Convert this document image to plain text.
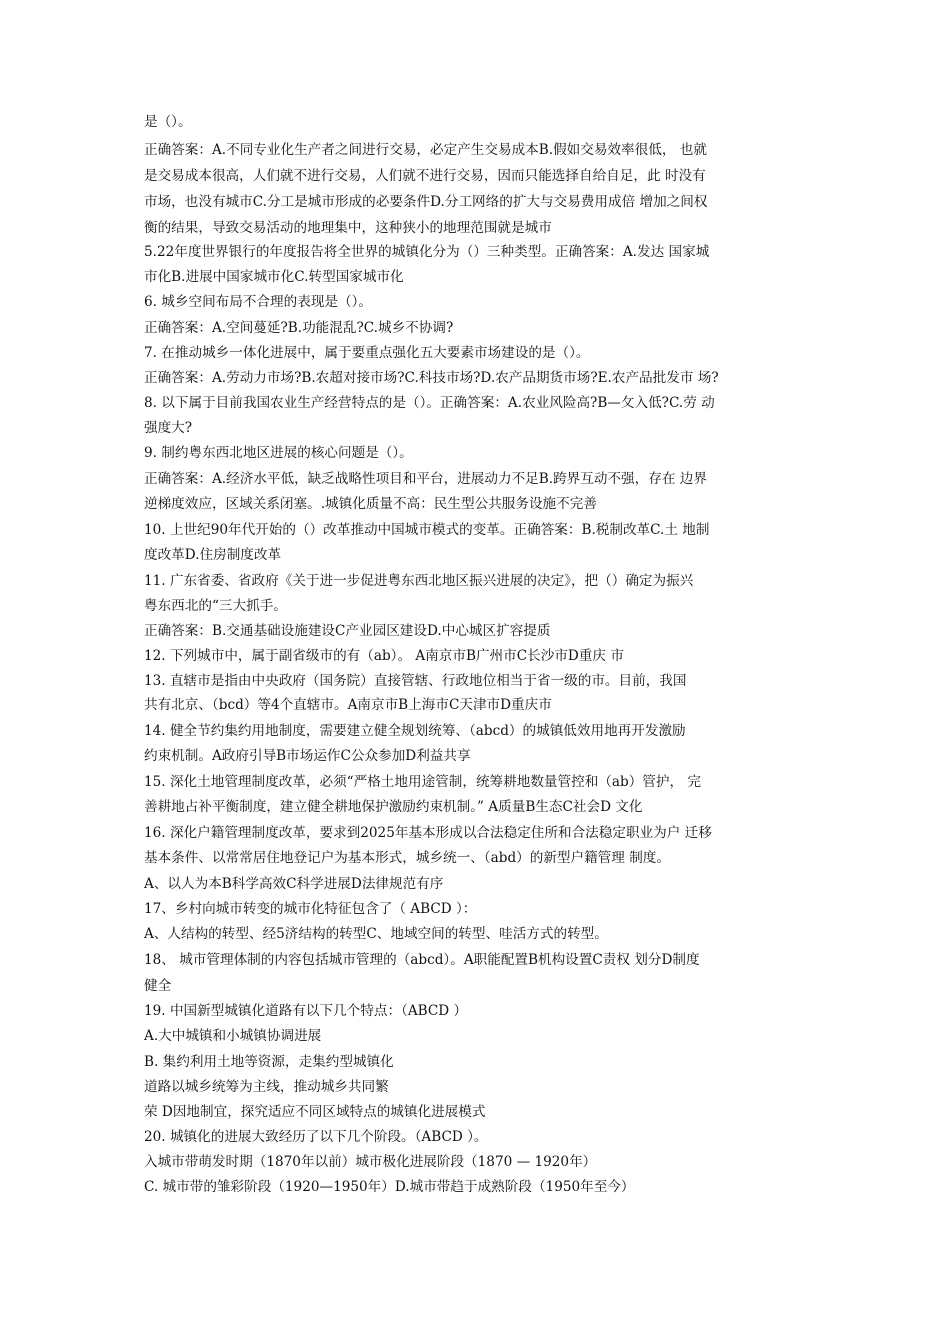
是（）。
正确答案：A.不同专业化生产者之间进行交易，必定产生交易成本B.假如交易效率很低， 也就
是交易成本很高，人们就不进行交易，人们就不进行交易，因而只能选择自给自足，此 时没有
市场，也没有城市C.分工是城市形成的必要条件D.分工网络的扩大与交易费用成倍 增加之间权
衡的结果，导致交易活动的地理集中，这种狭小的地理范围就是城市
5.22年度世界银行的年度报告将全世界的城镇化分为（）三种类型。正确答案：A.发达 国家城
市化B.进展中国家城市化C.转型国家城市化
6. 城乡空间布局不合理的表现是（）。
正确答案：A.空间蔓延?B.功能混乱?C.城乡不协调?
7. 在推动城乡一体化进展中，属于要重点强化五大要素市场建设的是（）。
正确答案：A.劳动力市场?B.农超对接市场?C.科技市场?D.农产品期货市场?E.农产品批发市 场?
8. 以下属于目前我国农业生产经营特点的是（）。正确答案：A.农业风险高?B—攵入低?C.劳 动
强度大?
9. 制约粤东西北地区进展的核心问题是（）。
正确答案：A.经济水平低，缺乏战略性项目和平台，进展动力不足B.跨界互动不强，存在 边界
逆梯度效应，区域关系闭塞。.城镇化质量不高：民生型公共服务设施不完善
10. 上世纪90年代开始的（）改革推动中国城市模式的变革。正确答案：B.税制改革C.土 地制
度改革D.住房制度改革
11. 广东省委、省政府《关于进一步促进粤东西北地区振兴进展的决定》，把（）确定为振兴
粤东西北的“三大抓手。
正确答案：B.交通基础设施建设C产业园区建设D.中心城区扩容提质
12. 下列城市中，属于副省级市的有（ab）。 A南京市B广州市C长沙市D重庆 市
13. 直辖市是指由中央政府（国务院）直接管辖、行政地位相当于省一级的市。目前，我国
共有北京、（bcd）等4个直辖市。A南京市B上海市C天津市D重庆市
14. 健全节约集约用地制度，需要建立健全规划统筹、（abcd）的城镇低效用地再开发激励
约束机制。A政府引导B市场运作C公众参加D利益共享
15. 深化土地管理制度改革，必须“严格土地用途管制，统筹耕地数量管控和（ab）管护， 完
善耕地占补平衡制度，建立健全耕地保护激励约束机制。” A质量B生态C社会D 文化
16. 深化户籍管理制度改革，要求到2025年基本形成以合法稳定住所和合法稳定职业为户 迁移
基本条件、以常常居住地登记户为基本形式，城乡统一、（abd）的新型户籍管理 制度。
A、以人为本B科学高效C科学进展D法律规范有序
17、乡村向城市转变的城市化特征包含了（ ABCD ）：
A、人结构的转型、经5济结构的转型C、地域空间的转型、哇活方式的转型。
18、 城市管理体制的内容包括城市管理的（abcd）。A职能配置B机构设置C责权 划分D制度
健全
19. 中国新型城镇化道路有以下几个特点：（ABCD ）
A.大中城镇和小城镇协调进展
B. 集约利用土地等资源，走集约型城镇化
道路以城乡统筹为主线，推动城乡共同繁
荣 D因地制宜，探究适应不同区域特点的城镇化进展模式
20. 城镇化的进展大致经历了以下几个阶段。（ABCD ）。
入城市带萌发时期（1870年以前）城市极化进展阶段（1870 — 1920年）
C. 城市带的雏彩阶段（1920—1950年）D.城市带趋于成熟阶段（1950年至今）
